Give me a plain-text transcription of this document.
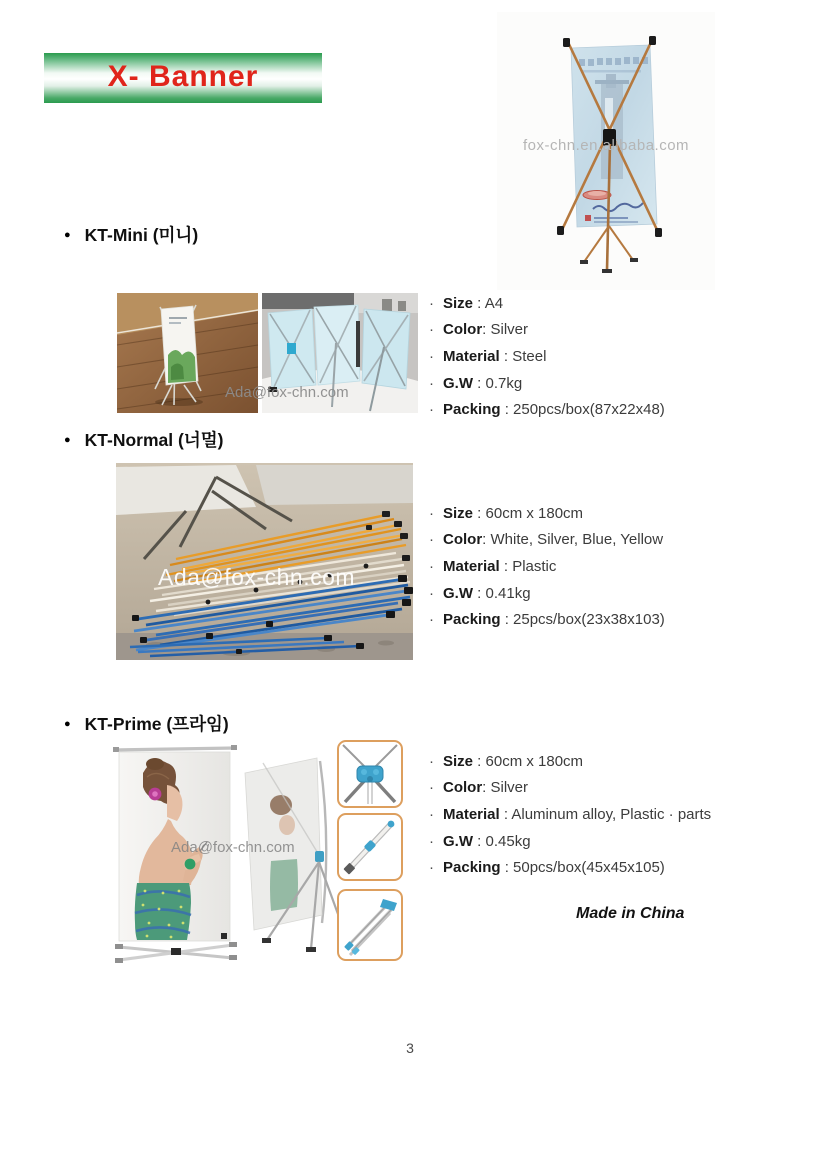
X- Banner
fox-chn.en.alibaba.com
● KT-Mini (미니)
Ada@fox-chn.com
· Size : A4
· Color : Silver
· Material : Steel
· G.W : 0.7kg
· Packing : 250pcs/box(87x22x48)
● KT-Normal (너멀)
Ada@fox-chn.com
· Size : 60cm x 180cm
· Color : White, Silver, Blue, Yellow
· Material : Plastic
· G.W : 0.41kg
· Packing : 25pcs/box(23x38x103)
● KT-Prime (프라임)
Ada@fox-chn.com
· Size : 60cm x 180cm
· Color : Silver
· Material : Aluminum alloy, Plastic · parts
· G.W : 0.45kg
· Packing : 50pcs/box(45x45x105)
Made in China
3
